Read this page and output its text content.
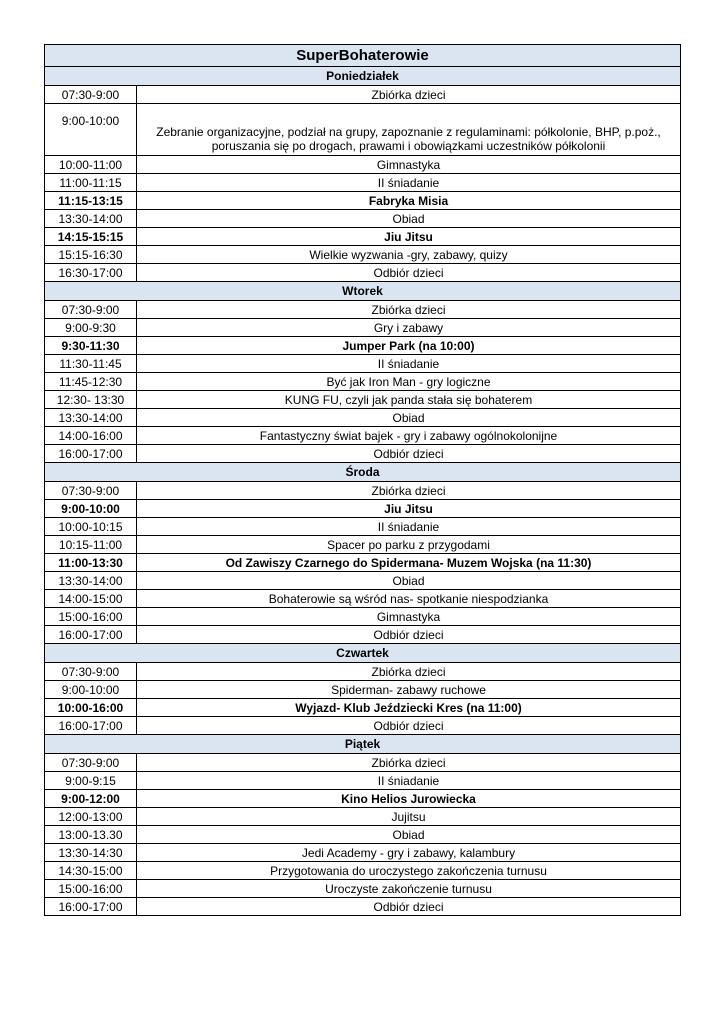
SuperBohaterowie	
Poniedziałek	
07:30-9:00	Zbiórka dzieci
9:00-10:00	Zebranie organizacyjne, podział na grupy, zapoznanie z regulaminami: półkolonie, BHP, p.poż., poruszania się po drogach, prawami i obowiązkami uczestników półkolonii
10:00-11:00	Gimnastyka
11:00-11:15	II śniadanie
11:15-13:15	Fabryka Misia
13:30-14:00	Obiad
14:15-15:15	Jiu Jitsu
15:15-16:30	Wielkie wyzwania -gry, zabawy, quizy
16:30-17:00	Odbiór dzieci
Wtorek	
07:30-9:00	Zbiórka dzieci
9:00-9:30	Gry i zabawy
9:30-11:30	Jumper Park (na 10:00)
11:30-11:45	II śniadanie
11:45-12:30	Być jak Iron Man - gry logiczne
12:30- 13:30	KUNG FU, czyli jak panda stała się bohaterem
13:30-14:00	Obiad
14:00-16:00	Fantastyczny świat bajek - gry i zabawy ogólnokolonijne
16:00-17:00	Odbiór dzieci
Środa	
07:30-9:00	Zbiórka dzieci
9:00-10:00	Jiu Jitsu
10:00-10:15	II śniadanie
10:15-11:00	Spacer po parku z przygodami
11:00-13:30	Od Zawiszy Czarnego do Spidermana- Muzem Wojska (na 11:30)
13:30-14:00	Obiad
14:00-15:00	Bohaterowie są wśród nas- spotkanie niespodzianka
15:00-16:00	Gimnastyka
16:00-17:00	Odbiór dzieci
Czwartek	
07:30-9:00	Zbiórka dzieci
9:00-10:00	Spiderman- zabawy ruchowe
10:00-16:00	Wyjazd- Klub Jeździecki Kres (na 11:00)
16:00-17:00	Odbiór dzieci
Piątek	
07:30-9:00	Zbiórka dzieci
9:00-9:15	II śniadanie
9:00-12:00	Kino Helios Jurowiecka
12:00-13:00	Jujitsu
13:00-13.30	Obiad
13:30-14:30	Jedi Academy - gry i zabawy, kalambury
14:30-15:00	Przygotowania do uroczystego zakończenia turnusu
15:00-16:00	Uroczyste zakończenie turnusu
16:00-17:00	Odbiór dzieci
